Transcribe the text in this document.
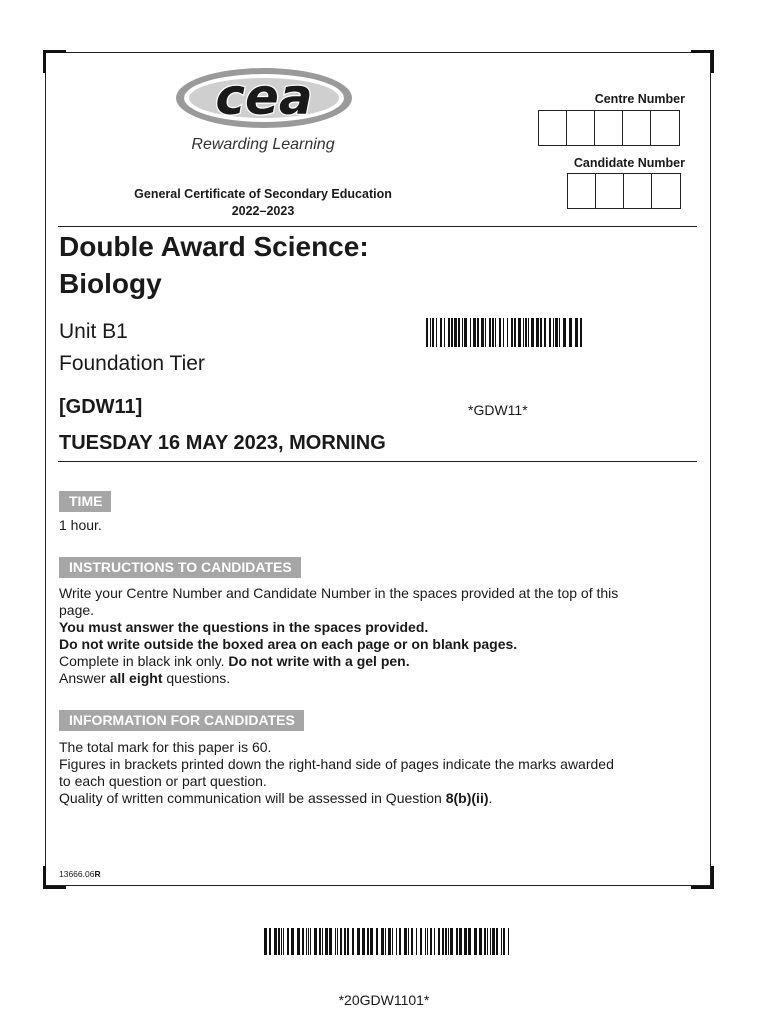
cea
Rewarding Learning
Centre Number
Candidate Number
General Certificate of Secondary Education
2022–2023
Double Award Science:
Biology
Unit B1
Foundation Tier
[GDW11]	*GDW11*
TUESDAY 16 MAY 2023, MORNING
TIME
1 hour.
INSTRUCTIONS TO CANDIDATES
Write your Centre Number and Candidate Number in the spaces provided at the top of this
page.
You must answer the questions in the spaces provided.
Do not write outside the boxed area on each page or on blank pages.
Complete in black ink only. Do not write with a gel pen.
Answer all eight questions.
INFORMATION FOR CANDIDATES
The total mark for this paper is 60.
Figures in brackets printed down the right-hand side of pages indicate the marks awarded
to each question or part question.
Quality of written communication will be assessed in Question 8(b)(ii).
13666.06R
*20GDW1101*
